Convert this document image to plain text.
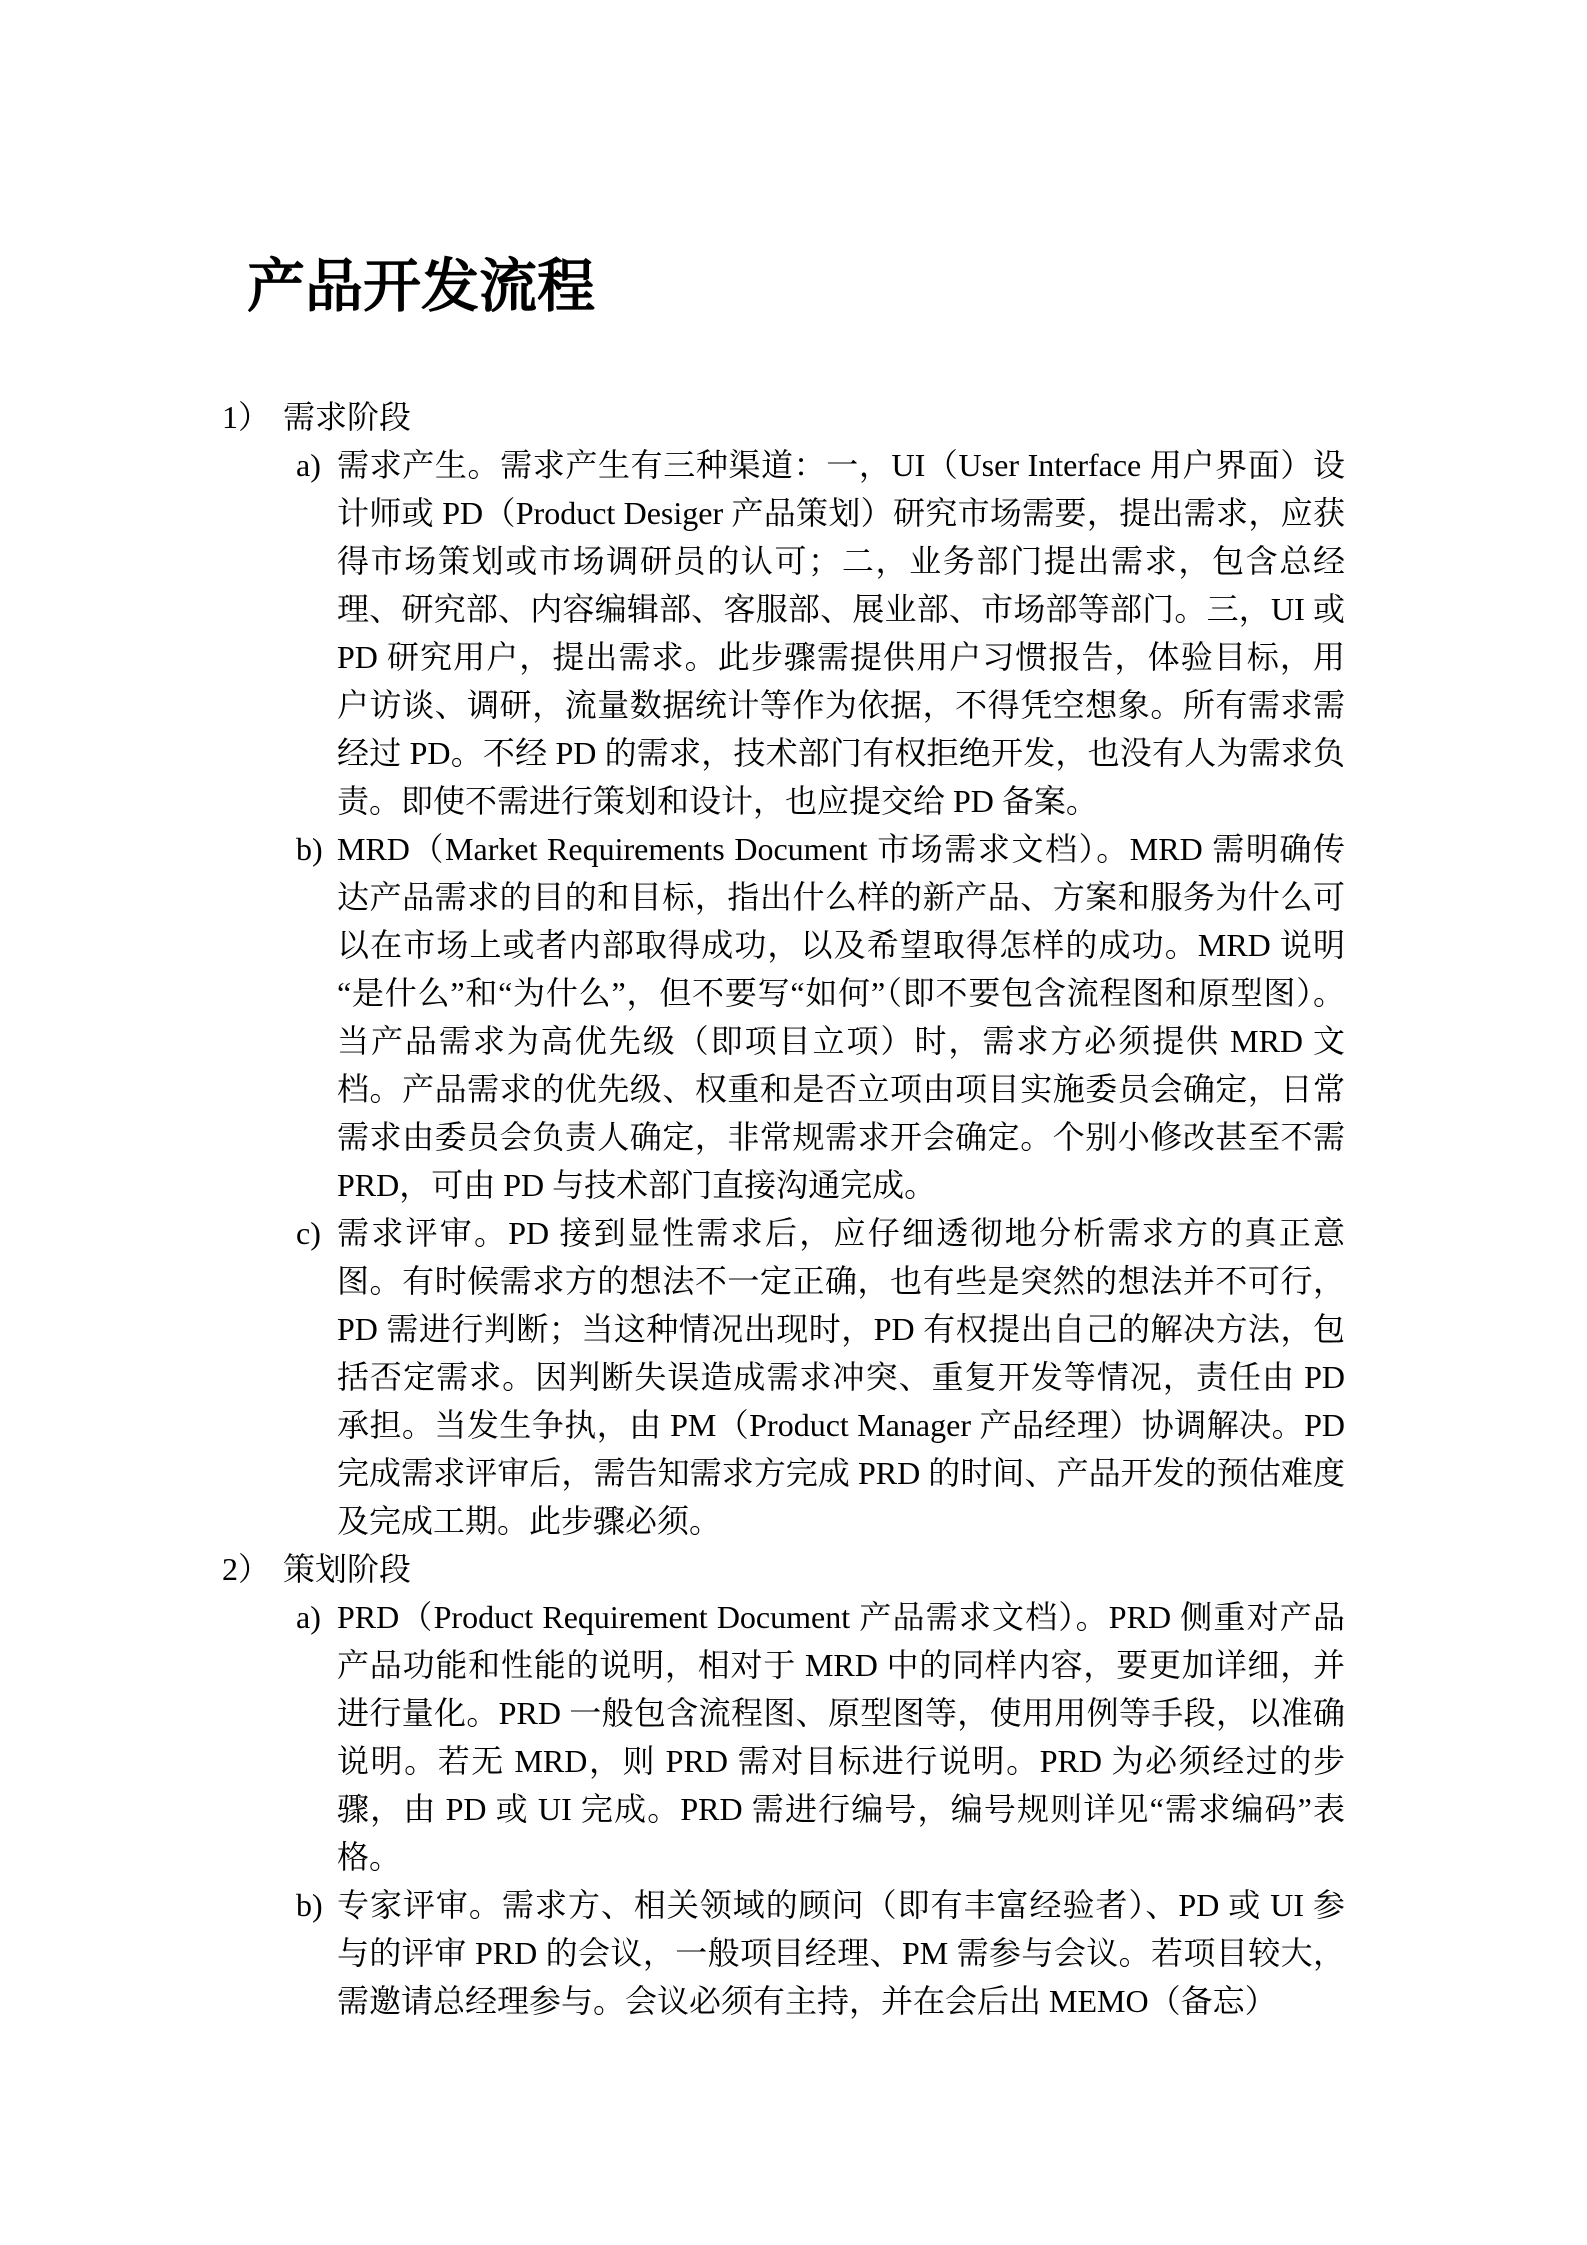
产品开发流程
1） 需求阶段
a) 需求产生。需求产生有三种渠道：一，UI（User Interface 用户界面）设计师或 PD（Product Desiger 产品策划）研究市场需要，提出需求，应获得市场策划或市场调研员的认可；二，业务部门提出需求，包含总经理、研究部、内容编辑部、客服部、展业部、市场部等部门。三，UI 或 PD 研究用户，提出需求。此步骤需提供用户习惯报告，体验目标，用户访谈、调研，流量数据统计等作为依据，不得凭空想象。所有需求需经过 PD。不经 PD 的需求，技术部门有权拒绝开发，也没有人为需求负责。即使不需进行策划和设计，也应提交给 PD 备案。
b) MRD（Market Requirements Document 市场需求文档）。MRD 需明确传达产品需求的目的和目标，指出什么样的新产品、方案和服务为什么可以在市场上或者内部取得成功，以及希望取得怎样的成功。MRD 说明“是什么”和“为什么”，但不要写“如何”（即不要包含流程图和原型图）。当产品需求为高优先级（即项目立项）时，需求方必须提供 MRD 文档。产品需求的优先级、权重和是否立项由项目实施委员会确定，日常需求由委员会负责人确定，非常规需求开会确定。个别小修改甚至不需 PRD，可由 PD 与技术部门直接沟通完成。
c) 需求评审。PD 接到显性需求后，应仔细透彻地分析需求方的真正意图。有时候需求方的想法不一定正确，也有些是突然的想法并不可行，PD 需进行判断；当这种情况出现时，PD 有权提出自己的解决方法，包括否定需求。因判断失误造成需求冲突、重复开发等情况，责任由 PD 承担。当发生争执，由 PM（Product Manager 产品经理）协调解决。PD 完成需求评审后，需告知需求方完成 PRD 的时间、产品开发的预估难度及完成工期。此步骤必须。
2） 策划阶段
a) PRD（Product Requirement Document 产品需求文档）。PRD 侧重对产品产品功能和性能的说明，相对于 MRD 中的同样内容，要更加详细，并进行量化。PRD 一般包含流程图、原型图等，使用用例等手段，以准确说明。若无 MRD，则 PRD 需对目标进行说明。PRD 为必须经过的步骤，由 PD 或 UI 完成。PRD 需进行编号，编号规则详见“需求编码”表格。
b) 专家评审。需求方、相关领域的顾问（即有丰富经验者）、PD 或 UI 参与的评审 PRD 的会议，一般项目经理、PM 需参与会议。若项目较大，需邀请总经理参与。会议必须有主持，并在会后出 MEMO（备忘）
